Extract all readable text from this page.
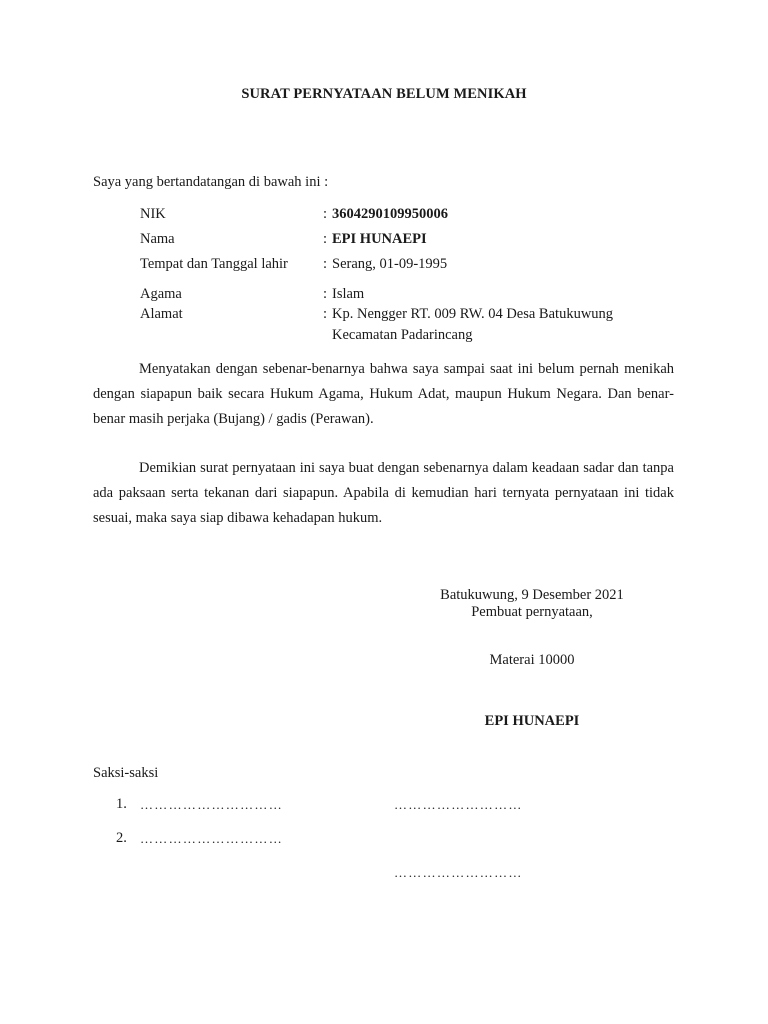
SURAT PERNYATAAN BELUM MENIKAH
Saya yang bertandatangan di bawah ini :
NIK	: 3604290109950006
Nama	: EPI HUNAEPI
Tempat dan Tanggal lahir : Serang, 01-09-1995
Agama	: Islam
Alamat	: Kp. Nengger RT. 009 RW. 04 Desa Batukuwung
Kecamatan Padarincang
Menyatakan dengan sebenar-benarnya bahwa saya sampai saat ini belum pernah menikah dengan siapapun baik secara Hukum Agama, Hukum Adat, maupun Hukum Negara. Dan benar-benar masih perjaka (Bujang) / gadis (Perawan).
Demikian surat pernyataan ini saya buat dengan sebenarnya dalam keadaan sadar dan tanpa ada paksaan serta tekanan dari siapapun. Apabila di kemudian hari ternyata pernyataan ini tidak sesuai, maka saya siap dibawa kehadapan hukum.
Batukuwung, 9 Desember 2021
Pembuat pernyataan,
Materai 10000
EPI HUNAEPI
Saksi-saksi
1. …………………………	………………………
2. …………………………
………………………
